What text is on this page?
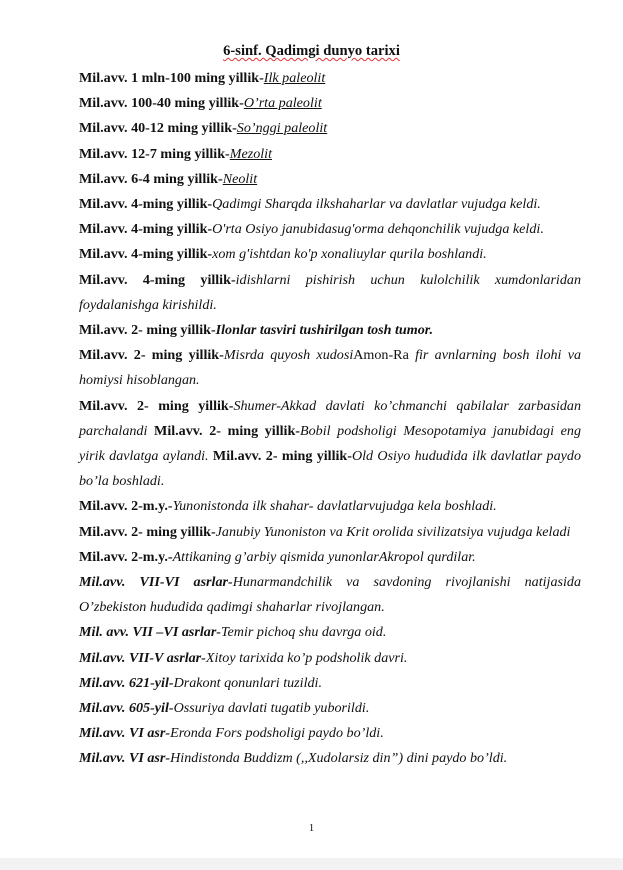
6-sinf. Qadimgi dunyo tarixi

Mil.avv. 1 mln-100 ming yillik-Ilk paleolit

Mil.avv. 100-40 ming yillik-O’rta paleolit

Mil.avv. 40-12 ming yillik-So’nggi paleolit

Mil.avv. 12-7 ming yillik-Mezolit

Mil.avv. 6-4 ming yillik-Neolit

Mil.avv. 4-ming yillik-Qadimgi Sharqda ilkshaharlar va davlatlar vujudga keldi.

Mil.avv. 4-ming yillik-O'rta Osiyo janubidasug'orma dehqonchilik vujudga keldi.

Mil.avv. 4-ming yillik-xom g'ishtdan ko'p xonaliuylar qurila boshlandi.

Mil.avv. 4-ming yillik-idishlarni pishirish uchun kulolchilik xumdonlaridan foydalanishga kirishildi.

Mil.avv. 2- ming yillik-Ilonlar tasviri tushirilgan tosh tumor.

Mil.avv. 2- ming yillik-Misrda quyosh xudosiAmon-Ra fir avnlarning bosh ilohi va homiysi hisoblangan.

Mil.avv. 2- ming yillik-Shumer-Akkad davlati ko’chmanchi qabilalar zarbasidan parchalandi Mil.avv. 2- ming yillik-Bobil podsholigi Mesopotamiya janubidagi eng yirik davlatga aylandi. Mil.avv. 2- ming yillik-Old Osiyo hududida ilk davlatlar paydo bo’la boshladi.

Mil.avv. 2-m.y.-Yunonistonda ilk shahar- davlatlarvujudga kela boshladi.

Mil.avv. 2- ming yillik-Janubiy Yunoniston va Krit orolida sivilizatsiya vujudga keladi

Mil.avv. 2-m.y.-Attikaning g’arbiy qismida yunonlarAkropol qurdilar.

Mil.avv. VII-VI asrlar-Hunarmandchilik va savdoning rivojlanishi natijasida O’zbekiston hududida qadimgi shaharlar rivojlangan.

Mil. avv. VII –VI asrlar-Temir pichoq shu davrga oid.

Mil.avv. VII-V asrlar-Xitoy tarixida ko’p podsholik davri.

Mil.avv. 621-yil-Drakont qonunlari tuzildi.

Mil.avv. 605-yil-Ossuriya davlati tugatib yuborildi.

Mil.avv. VI asr-Eronda Fors podsholigi paydo bo’ldi.

Mil.avv. VI asr-Hindistonda Buddizm (,,Xudolarsiz din”) dini paydo bo’ldi.

1
